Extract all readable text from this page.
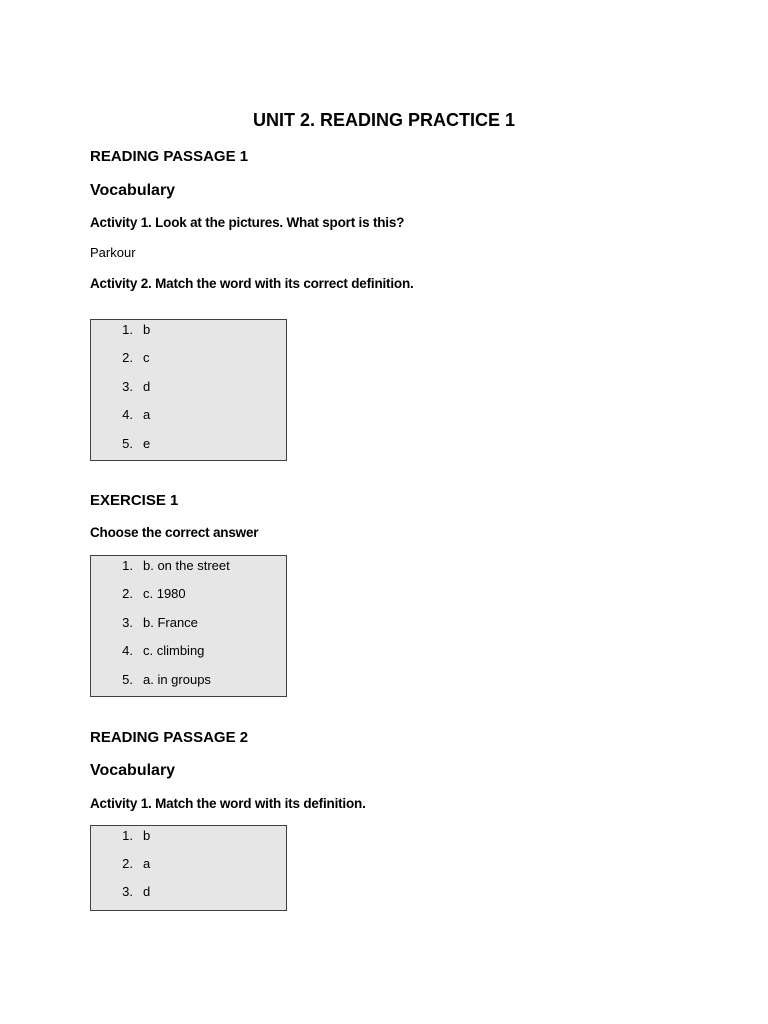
UNIT 2. READING PRACTICE 1
READING PASSAGE 1
Vocabulary

Activity 1. Look at the pictures. What sport is this?

Parkour

Activity 2. Match the word with its correct definition.

1. b
2. c
3. d
4. a
5. e
EXERCISE 1

Choose the correct answer

1. b. on the street
2. c. 1980
3. b. France
4. c. climbing
5. a. in groups
READING PASSAGE 2
Vocabulary

Activity 1. Match the word with its definition.

1. b
2. a
3. d
